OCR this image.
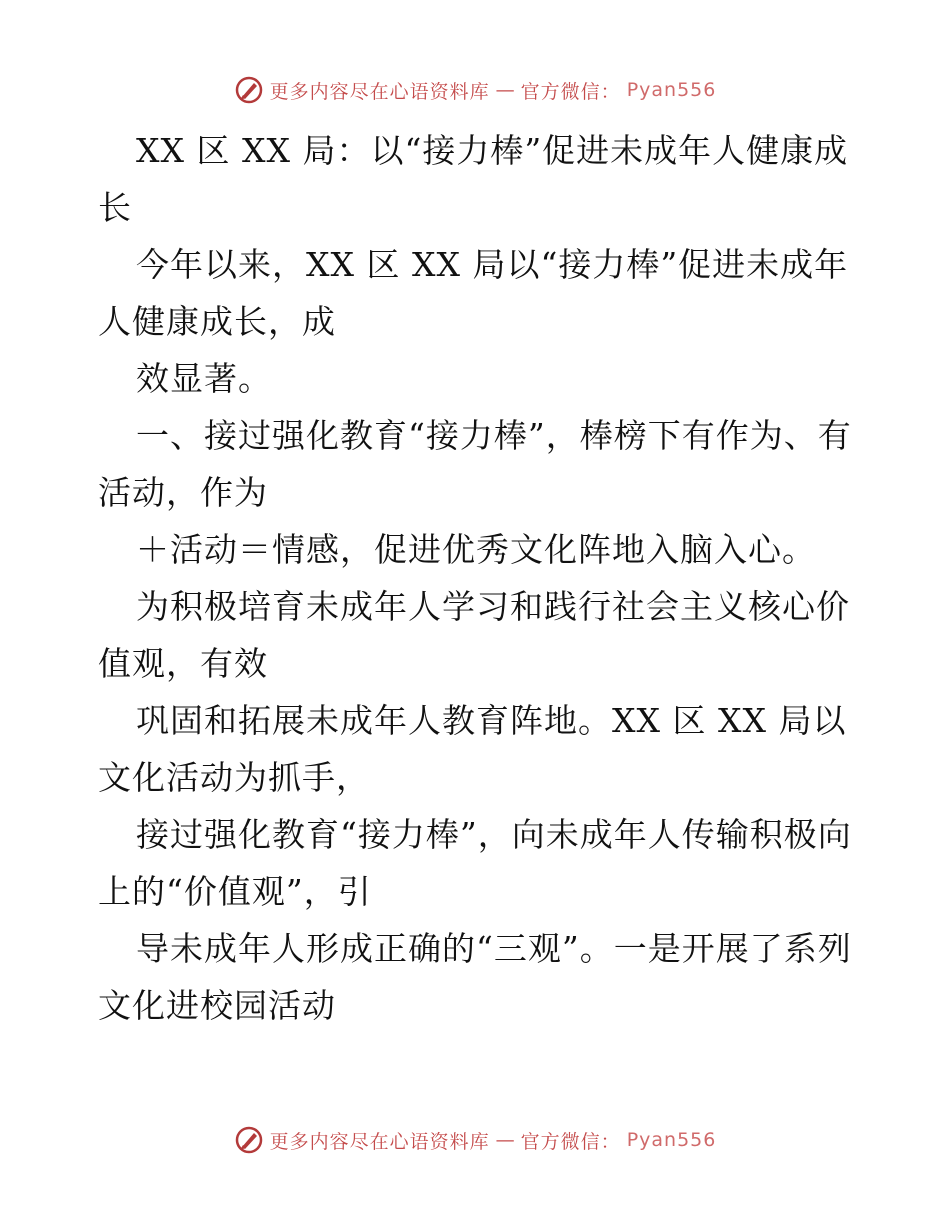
更多内容尽在心语资料库 — 官方微信： Pyan556

XX 区 XX 局：以“接力棒”促进未成年人健康成长

今年以来，XX 区 XX 局以“接力棒”促进未成年人健康成长，成

效显著。

一、接过强化教育“接力棒”，棒榜下有作为、有活动，作为

＋活动＝情感，促进优秀文化阵地入脑入心。

为积极培育未成年人学习和践行社会主义核心价值观，有效

巩固和拓展未成年人教育阵地。XX 区 XX 局以文化活动为抓手，

接过强化教育“接力棒”，向未成年人传输积极向上的“价值观”，引

导未成年人形成正确的“三观”。一是开展了系列文化进校园活动

更多内容尽在心语资料库 — 官方微信： Pyan556
